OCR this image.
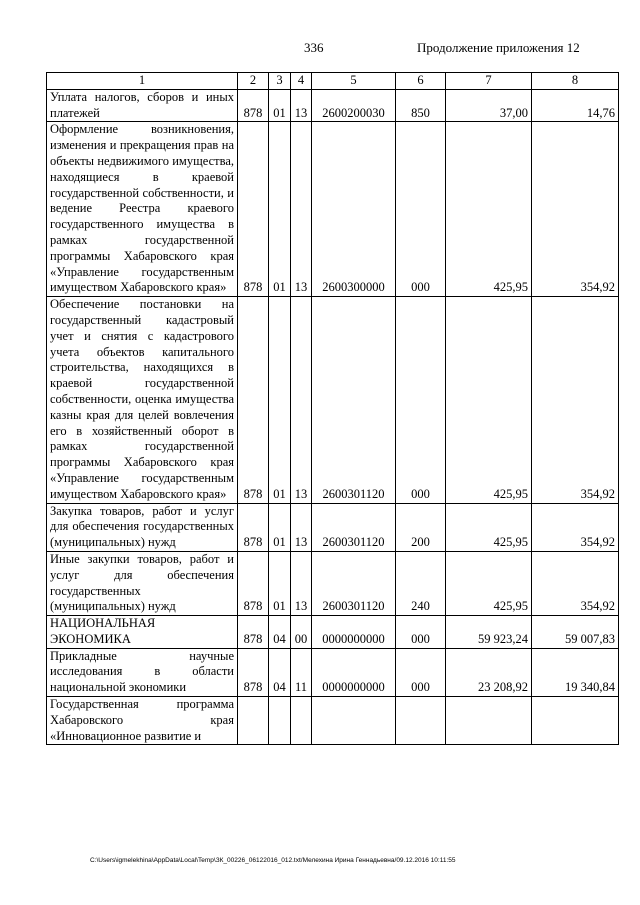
336	Продолжение приложения 12
1	2	3	4	5	6	7	8
Уплата налогов, сборов и иных платежей	878	01	13	2600200030	850	37,00	14,76
Оформление возникновения, изменения и прекращения прав на объекты недвижимого имущества, находящиеся в краевой государственной собственности, и ведение Реестра краевого государственного имущества в рамках государственной программы Хабаровского края «Управление государственным имуществом Хабаровского края»	878	01	13	2600300000	000	425,95	354,92
Обеспечение постановки на государственный кадастровый учет и снятия с кадастрового учета объектов капитального строительства, находящихся в краевой государственной собственности, оценка имущества казны края для целей вовлечения его в хозяйственный оборот в рамках государственной программы Хабаровского края «Управление государственным имуществом Хабаровского края»	878	01	13	2600301120	000	425,95	354,92
Закупка товаров, работ и услуг для обеспечения государственных (муниципальных) нужд	878	01	13	2600301120	200	425,95	354,92
Иные закупки товаров, работ и услуг для обеспечения государственных (муниципальных) нужд	878	01	13	2600301120	240	425,95	354,92
НАЦИОНАЛЬНАЯ ЭКОНОМИКА	878	04	00	0000000000	000	59 923,24	59 007,83
Прикладные научные исследования в области национальной экономики	878	04	11	0000000000	000	23 208,92	19 340,84
Государственная программа Хабаровского края «Инновационное развитие и							
C:\Users\igmelekhina\AppData\Local\Temp\ЗК_00226_06122016_012.txt/Мелехина Ирина Геннадьевна/09.12.2016 10:11:55
